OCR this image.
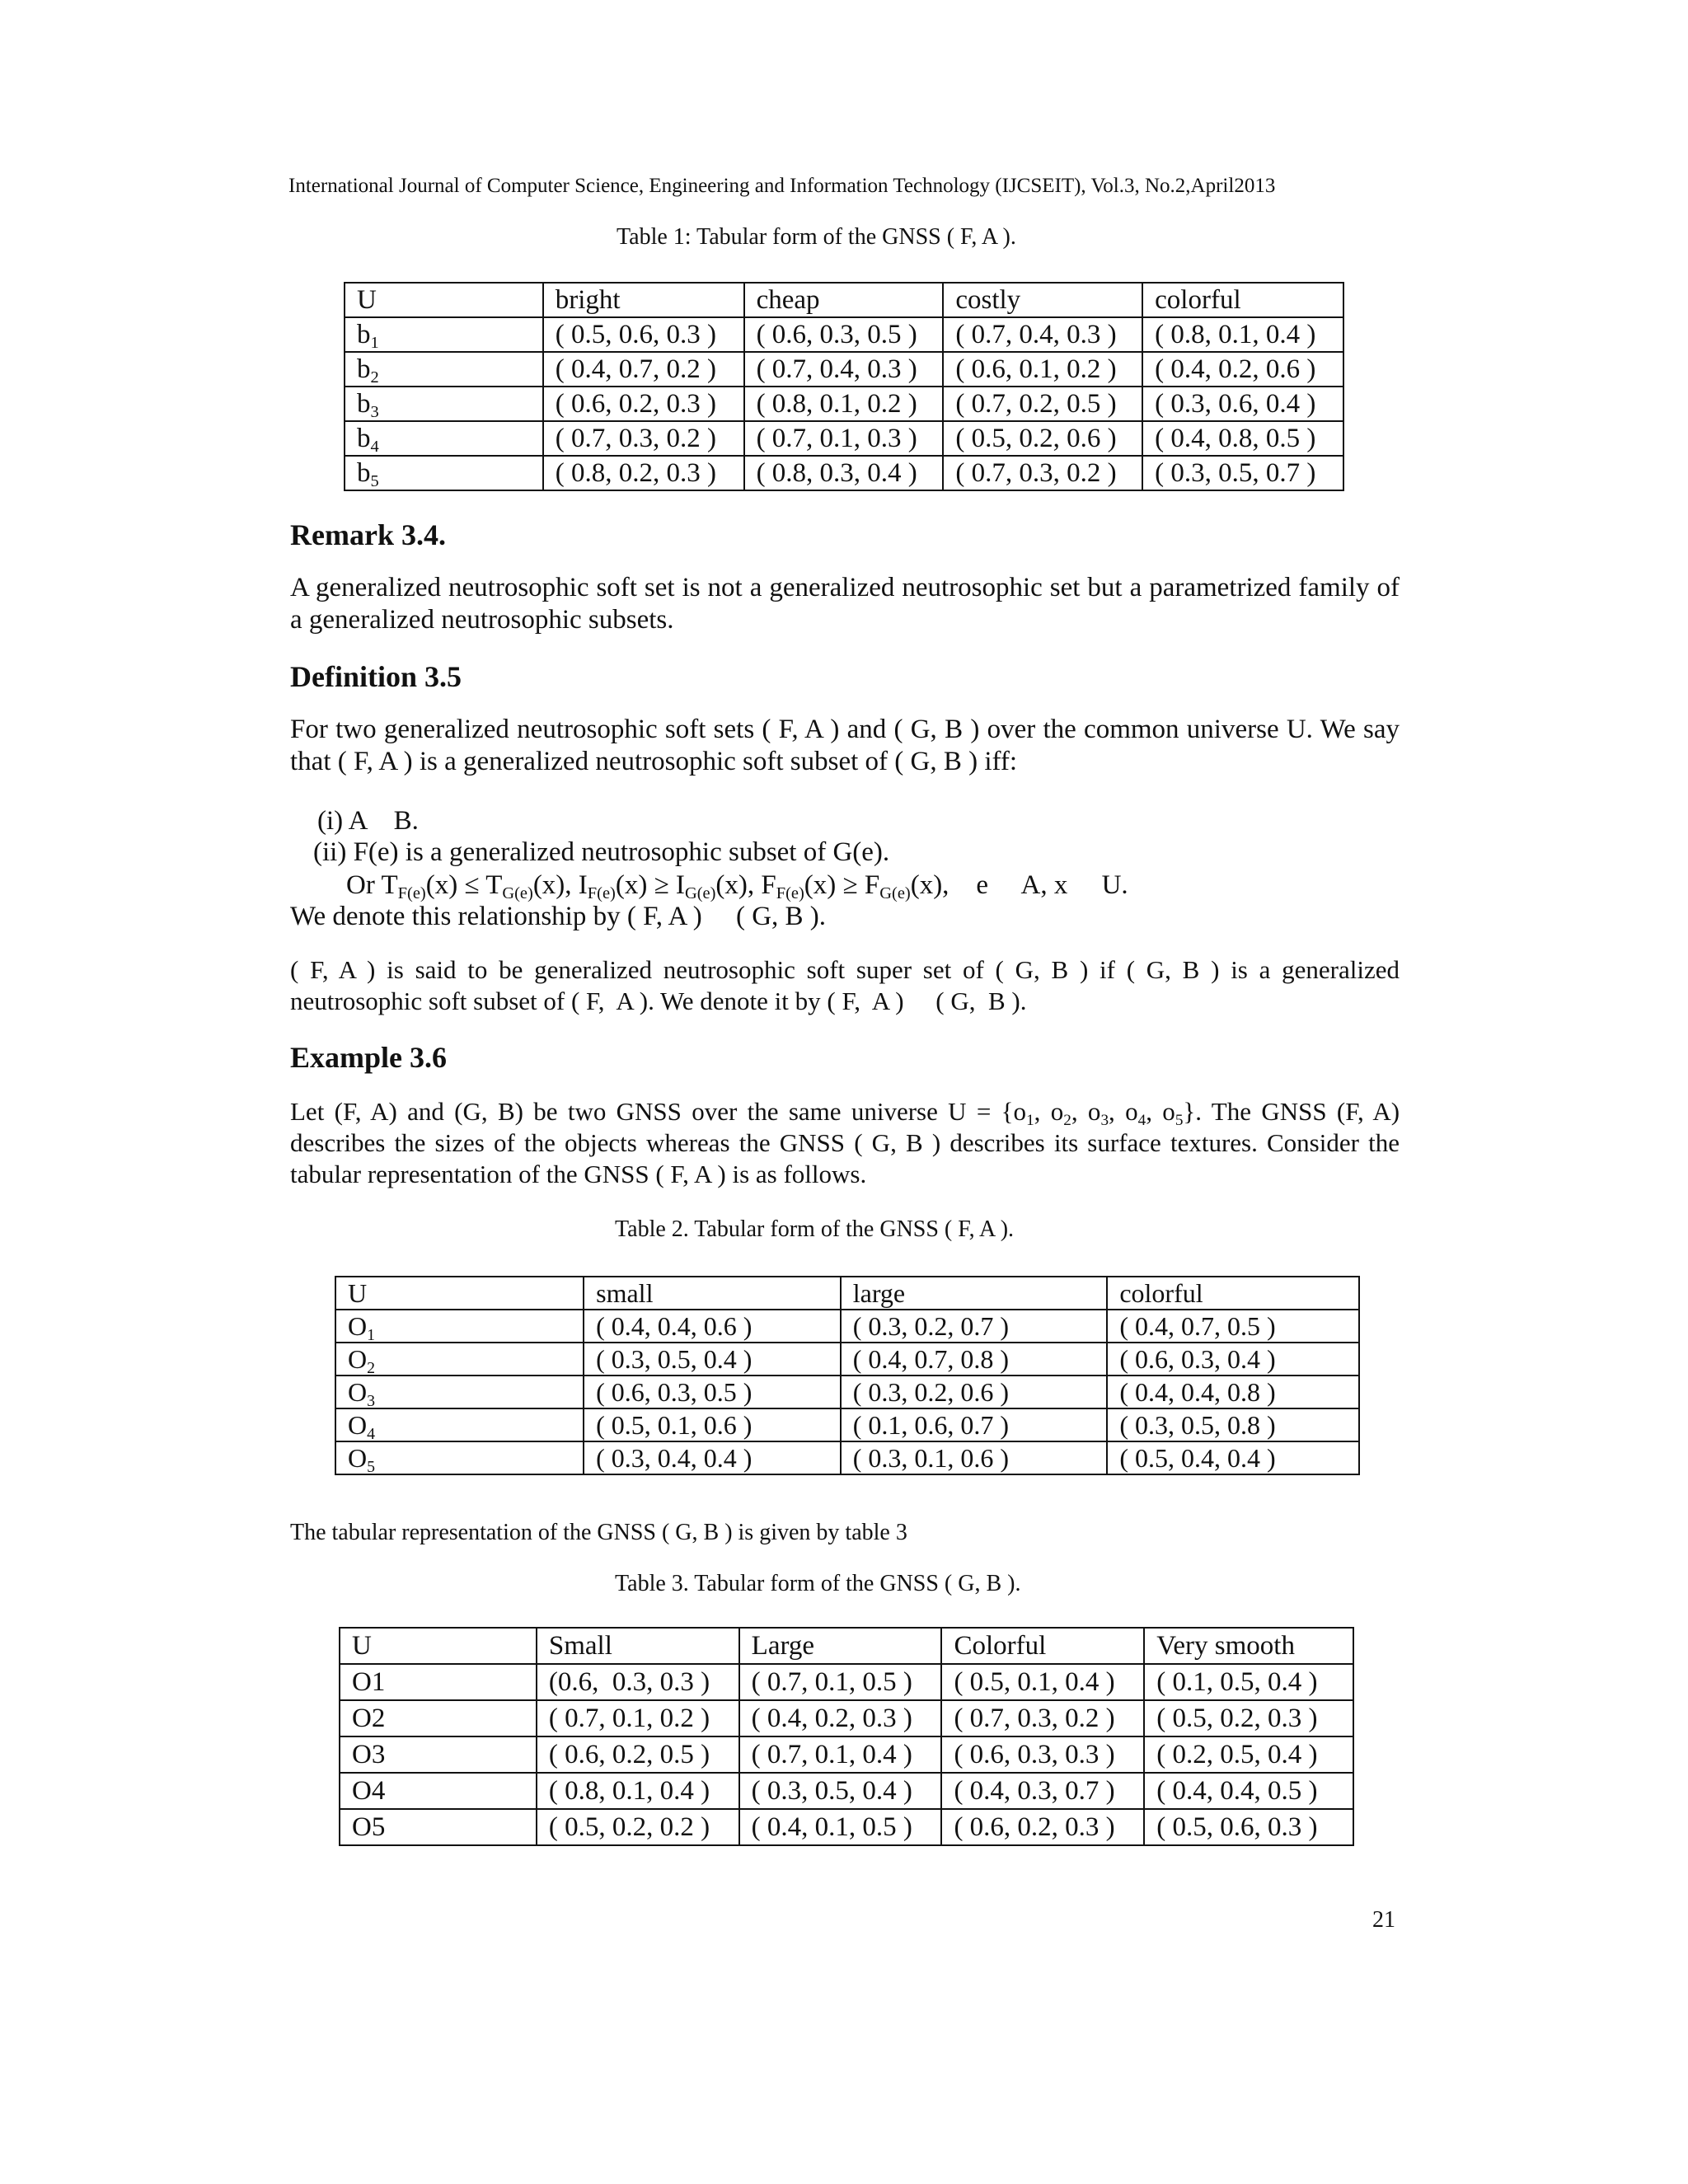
International Journal of Computer Science, Engineering and Information Technology (IJCSEIT), Vol.3, No.2,April2013
Table 1: Tabular form of the GNSS ( F, A ).
U	bright	cheap	costly	colorful
$b_1$	( 0.5, 0.6, 0.3 )	( 0.6, 0.3, 0.5 )	( 0.7, 0.4, 0.3 )	( 0.8, 0.1, 0.4 )
$b_2$	( 0.4, 0.7, 0.2 )	( 0.7, 0.4, 0.3 )	( 0.6, 0.1, 0.2 )	( 0.4, 0.2, 0.6 )
$b_3$	( 0.6, 0.2, 0.3 )	( 0.8, 0.1, 0.2 )	( 0.7, 0.2, 0.5 )	( 0.3, 0.6, 0.4 )
$b_4$	( 0.7, 0.3, 0.2 )	( 0.7, 0.1, 0.3 )	( 0.5, 0.2, 0.6 )	( 0.4, 0.8, 0.5 )
$b_5$	( 0.8, 0.2, 0.3 )	( 0.8, 0.3, 0.4 )	( 0.7, 0.3, 0.2 )	( 0.3, 0.5, 0.7 )
Remark 3.4.
A generalized neutrosophic soft set is not a generalized neutrosophic set but a parametrized family of a generalized neutrosophic subsets.
Definition 3.5
For two generalized neutrosophic soft sets ( F, A ) and ( G, B ) over the common universe U. We say that ( F, A ) is a generalized neutrosophic soft subset of ( G, B ) iff:
(i) A    B.
(ii) F(e) is a generalized neutrosophic subset of G(e).
Or $T_{F(e)}(x) \le T_{G(e)}(x)$, $I_{F(e)}(x) \ge I_{G(e)}(x)$, $F_{F(e)}(x) \ge F_{G(e)}(x)$,    e     A, x     U.
We denote this relationship by ( F, A )     ( G, B ).
( F, A ) is said to be generalized neutrosophic soft super set of ( G, B ) if ( G, B ) is a generalized neutrosophic soft subset of ( F,  A ). We denote it by ( F,  A )     ( G,  B ).
Example 3.6
Let (F, A) and (G, B) be two GNSS over the same universe $U = \{o_1$, $o_2$, $o_3$, $o_4$, $o_5$}. The GNSS (F, A) describes the sizes of the objects whereas the GNSS ( G, B ) describes its surface textures. Consider the tabular representation of the GNSS ( F, A ) is as follows.
Table 2. Tabular form of the GNSS ( F, A ).
U	small	large	colorful
$O_1$	( 0.4, 0.4, 0.6 )	( 0.3, 0.2, 0.7 )	( 0.4, 0.7, 0.5 )
$O_2$	( 0.3, 0.5, 0.4 )	( 0.4, 0.7, 0.8 )	( 0.6, 0.3, 0.4 )
$O_3$	( 0.6, 0.3, 0.5 )	( 0.3, 0.2, 0.6 )	( 0.4, 0.4, 0.8 )
$O_4$	( 0.5, 0.1, 0.6 )	( 0.1, 0.6, 0.7 )	( 0.3, 0.5, 0.8 )
$O_5$	( 0.3, 0.4, 0.4 )	( 0.3, 0.1, 0.6 )	( 0.5, 0.4, 0.4 )
The tabular representation of the GNSS ( G, B ) is given by table 3
Table 3. Tabular form of the GNSS ( G, B ).
U	Small	Large	Colorful	Very smooth
O1	(0.6,  0.3, 0.3 )	( 0.7, 0.1, 0.5 )	( 0.5, 0.1, 0.4 )	( 0.1, 0.5, 0.4 )
O2	( 0.7, 0.1, 0.2 )	( 0.4, 0.2, 0.3 )	( 0.7, 0.3, 0.2 )	( 0.5, 0.2, 0.3 )
O3	( 0.6, 0.2, 0.5 )	( 0.7, 0.1, 0.4 )	( 0.6, 0.3, 0.3 )	( 0.2, 0.5, 0.4 )
O4	( 0.8, 0.1, 0.4 )	( 0.3, 0.5, 0.4 )	( 0.4, 0.3, 0.7 )	( 0.4, 0.4, 0.5 )
O5	( 0.5, 0.2, 0.2 )	( 0.4, 0.1, 0.5 )	( 0.6, 0.2, 0.3 )	( 0.5, 0.6, 0.3 )
21
